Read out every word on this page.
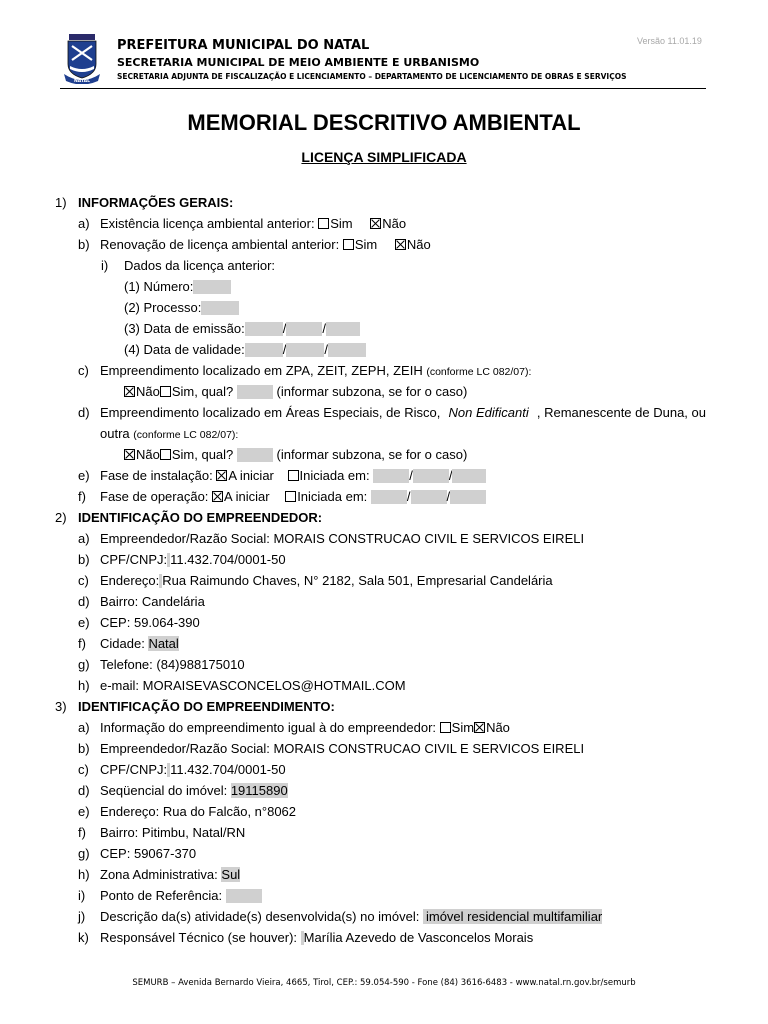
NATAL
PREFEITURA MUNICIPAL DO NATAL
SECRETARIA MUNICIPAL DE MEIO AMBIENTE E URBANISMO
SECRETARIA ADJUNTA DE FISCALIZAÇÃO E LICENCIAMENTO – DEPARTAMENTO DE LICENCIAMENTO DE OBRAS E SERVIÇOS
Versão 11.01.19
MEMORIAL DESCRITIVO AMBIENTAL
LICENÇA SIMPLIFICADA
1) INFORMAÇÕES GERAIS:
a) Existência licença ambiental anterior: Sim Não
b) Renovação de licença ambiental anterior: Sim Não
i) Dados da licença anterior:
(1) Número:
(2) Processo:
(3) Data de emissão:	/	/
(4) Data de validade:	/	/
c) Empreendimento localizado em ZPA, ZEIT, ZEPH, ZEIH (conforme LC 082/07):
Não Sim, qual?	(informar subzona, se for o caso)
d) Empreendimento localizado em Áreas Especiais, de Risco, Non Edificanti , Remanescente de Duna, ou
outra (conforme LC 082/07):
Não Sim, qual?	(informar subzona, se for o caso)
e) Fase de instalação: A iniciar Iniciada em:	/	/
f) Fase de operação: A iniciar Iniciada em:	/	/
2) IDENTIFICAÇÃO DO EMPREENDEDOR:
a) Empreendedor/Razão Social: MORAIS CONSTRUCAO CIVIL E SERVICOS EIRELI
b) CPF/CNPJ: 11.432.704/0001-50
c) Endereço: Rua Raimundo Chaves, N° 2182, Sala 501, Empresarial Candelária
d) Bairro: Candelária
e) CEP: 59.064-390
f) Cidade: Natal
g) Telefone: (84)988175010
h) e-mail: MORAISEVASCONCELOS@HOTMAIL.COM
3) IDENTIFICAÇÃO DO EMPREENDIMENTO:
a) Informação do empreendimento igual à do empreendedor: Sim Não
b) Empreendedor/Razão Social: MORAIS CONSTRUCAO CIVIL E SERVICOS EIRELI
c) CPF/CNPJ: 11.432.704/0001-50
d) Seqüencial do imóvel: 19115890
e) Endereço: Rua do Falcão, n°8062
f) Bairro: Pitimbu, Natal/RN
g) CEP: 59067-370
h) Zona Administrativa: Sul
i) Ponto de Referência:
j) Descrição da(s) atividade(s) desenvolvida(s) no imóvel: imóvel residencial multifamiliar
k) Responsável Técnico (se houver): Marília Azevedo de Vasconcelos Morais
SEMURB – Avenida Bernardo Vieira, 4665, Tirol, CEP.: 59.054-590 - Fone (84) 3616-6483 - www.natal.rn.gov.br/semurb
